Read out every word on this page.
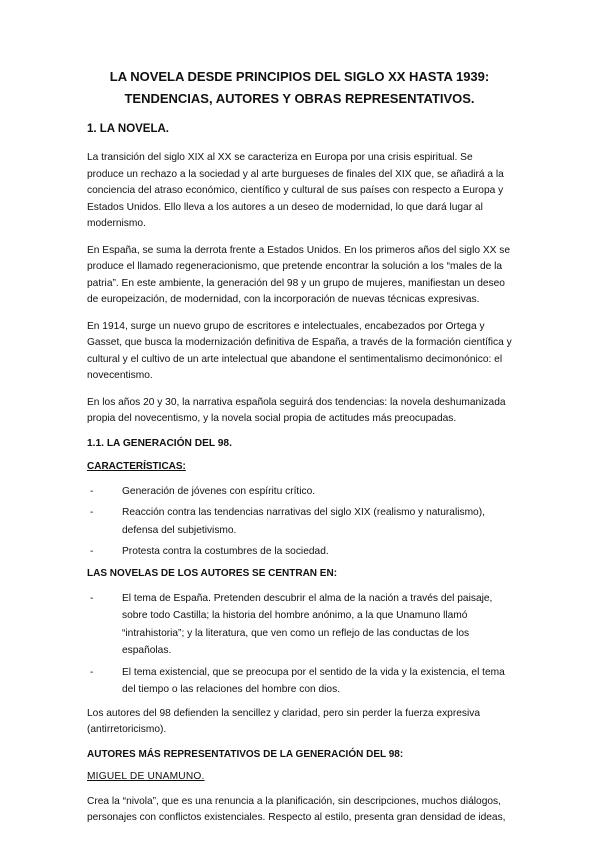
LA NOVELA DESDE PRINCIPIOS DEL SIGLO XX HASTA 1939: TENDENCIAS, AUTORES Y OBRAS REPRESENTATIVOS.
1. LA NOVELA.

La transición del siglo XIX al XX se caracteriza en Europa por una crisis espiritual. Se produce un rechazo a la sociedad y al arte burgueses de finales del XIX que, se añadirá a la conciencia del atraso económico, científico y cultural de sus países con respecto a Europa y Estados Unidos. Ello lleva a los autores a un deseo de modernidad, lo que dará lugar al modernismo.

En España, se suma la derrota frente a Estados Unidos. En los primeros años del siglo XX se produce el llamado regeneracionismo, que pretende encontrar la solución a los “males de la patria”. En este ambiente, la generación del 98 y un grupo de mujeres, manifiestan un deseo de europeización, de modernidad, con la incorporación de nuevas técnicas expresivas.

En 1914, surge un nuevo grupo de escritores e intelectuales, encabezados por Ortega y Gasset, que busca la modernización definitiva de España, a través de la formación científica y cultural y el cultivo de un arte intelectual que abandone el sentimentalismo decimonónico: el novecentismo.

En los años 20 y 30, la narrativa española seguirá dos tendencias: la novela deshumanizada propia del novecentismo, y la novela social propia de actitudes más preocupadas.

1.1. LA GENERACIÓN DEL 98.
CARACTERÍSTICAS:
-	Generación de jóvenes con espíritu crítico.
-	Reacción contra las tendencias narrativas del siglo XIX (realismo y naturalismo), defensa del subjetivismo.
-	Protesta contra la costumbres de la sociedad.
LAS NOVELAS DE LOS AUTORES SE CENTRAN EN:
-	El tema de España. Pretenden descubrir el alma de la nación a través del paisaje, sobre todo Castilla; la historia del hombre anónimo, a la que Unamuno llamó “intrahistoria”; y la literatura, que ven como un reflejo de las conductas de los españolas.
-	El tema existencial, que se preocupa por el sentido de la vida y la existencia, el tema del tiempo o las relaciones del hombre con dios.

Los autores del 98 defienden la sencillez y claridad, pero sin perder la fuerza expresiva (antirretoricismo).

AUTORES MÁS REPRESENTATIVOS DE LA GENERACIÓN DEL 98:
MIGUEL DE UNAMUNO.

Crea la “nivola”, que es una renuncia a la planificación, sin descripciones, muchos diálogos, personajes con conflictos existenciales. Respecto al estilo, presenta gran densidad de ideas,
